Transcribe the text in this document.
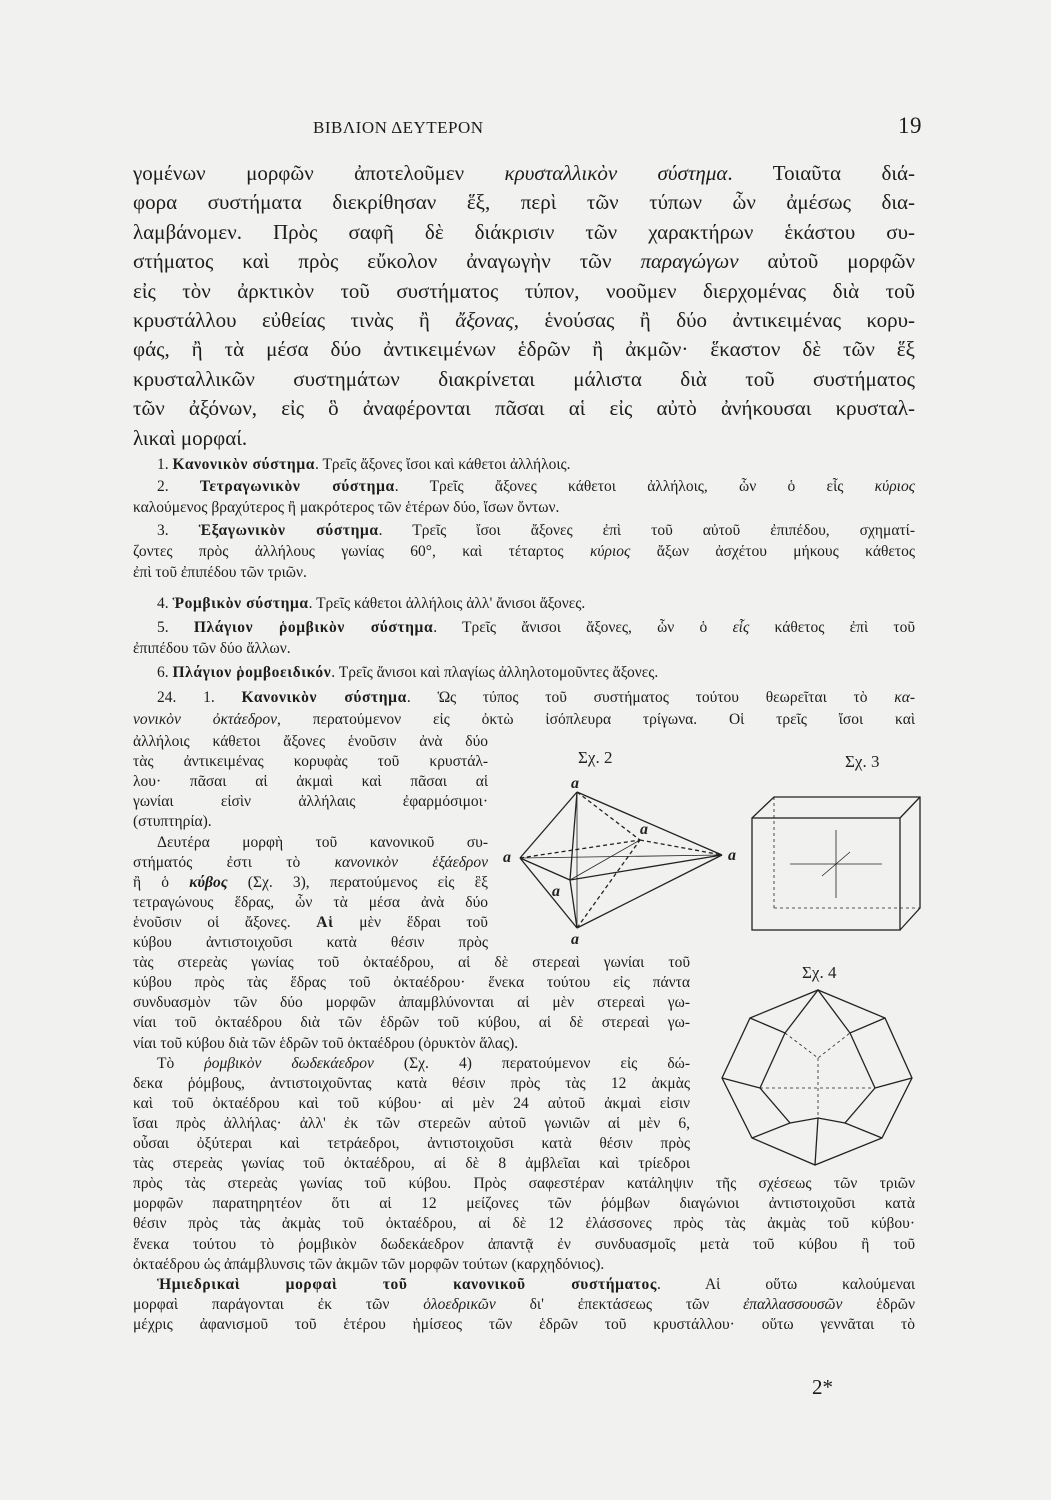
ΒΙΒΛΙΟΝ ΔΕΥΤΕΡΟΝ	19
γομένων μορφῶν ἀποτελοῦμεν κρυσταλλικὸν σύστημα. Τοιαῦτα διά-
φορα συστήματα διεκρίθησαν ἕξ, περὶ τῶν τύπων ὧν ἀμέσως δια-
λαμβάνομεν. Πρὸς σαφῆ δὲ διάκρισιν τῶν χαρακτήρων ἑκάστου συ-
στήματος καὶ πρὸς εὔκολον ἀναγωγὴν τῶν παραγώγων αὐτοῦ μορφῶν
εἰς τὸν ἀρκτικὸν τοῦ συστήματος τύπον, νοοῦμεν διερχομένας διὰ τοῦ
κρυστάλλου εὐθείας τινὰς ἢ ἄξονας, ἑνούσας ἢ δύο ἀντικειμένας κορυ-
φάς, ἢ τὰ μέσα δύο ἀντικειμένων ἑδρῶν ἢ ἀκμῶν· ἕκαστον δὲ τῶν ἕξ
κρυσταλλικῶν συστημάτων διακρίνεται μάλιστα διὰ τοῦ συστήματος
τῶν ἀξόνων, εἰς ὃ ἀναφέρονται πᾶσαι αἱ εἰς αὐτὸ ἀνήκουσαι κρυσταλ-
λικαὶ μορφαί.
1. Κανονικὸν σύστημα. Τρεῖς ἄξονες ἴσοι καὶ κάθετοι ἀλλήλοις.
2. Τετραγωνικὸν σύστημα. Τρεῖς ἄξονες κάθετοι ἀλλήλοις, ὧν ὁ εἷς κύριος
καλούμενος βραχύτερος ἢ μακρότερος τῶν ἑτέρων δύο, ἴσων ὄντων.
3. Ἑξαγωνικὸν σύστημα. Τρεῖς ἴσοι ἄξονες ἐπὶ τοῦ αὐτοῦ ἐπιπέδου, σχηματί-
ζοντες πρὸς ἀλλήλους γωνίας 60°, καὶ τέταρτος κύριος ἄξων ἀσχέτου μήκους κάθετος
ἐπὶ τοῦ ἐπιπέδου τῶν τριῶν.
4. Ῥομβικὸν σύστημα. Τρεῖς κάθετοι ἀλλήλοις ἀλλ' ἄνισοι ἄξονες.
5. Πλάγιον ῥομβικὸν σύστημα. Τρεῖς ἄνισοι ἄξονες, ὧν ὁ εἷς κάθετος ἐπὶ τοῦ
ἐπιπέδου τῶν δύο ἄλλων.
6. Πλάγιον ῥομβοειδικόν. Τρεῖς ἄνισοι καὶ πλαγίως ἀλληλοτομοῦντες ἄξονες.
24. 1. Κανονικὸν σύστημα. Ὡς τύπος τοῦ συστήματος τούτου θεωρεῖται τὸ κα-
νονικὸν ὀκτάεδρον, περατούμενον εἰς ὀκτὼ ἰσόπλευρα τρίγωνα. Οἱ τρεῖς ἴσοι καὶ
ἀλλήλοις κάθετοι ἄξονες ἑνοῦσιν ἀνὰ δύο
τὰς ἀντικειμένας κορυφὰς τοῦ κρυστάλ-
λου· πᾶσαι αἱ ἀκμαὶ καὶ πᾶσαι αἱ
γωνίαι εἰσὶν ἀλλήλαις ἐφαρμόσιμοι·
(στυπτηρία).
Δευτέρα μορφὴ τοῦ κανονικοῦ συ-
στήματός ἐστι τὸ κανονικὸν ἑξάεδρον
ἢ ὁ κύβος (Σχ. 3), περατούμενος εἰς ἓξ
τετραγώνους ἕδρας, ὧν τὰ μέσα ἀνὰ δύο
ἑνοῦσιν οἱ ἄξονες. Αἱ μὲν ἕδραι τοῦ
κύβου ἀντιστοιχοῦσι κατὰ θέσιν πρὸς
τὰς στερεὰς γωνίας τοῦ ὀκταέδρου, αἱ δὲ στερεαὶ γωνίαι τοῦ
κύβου πρὸς τὰς ἕδρας τοῦ ὀκταέδρου· ἕνεκα τούτου εἰς πάντα
συνδυασμὸν τῶν δύο μορφῶν ἀπαμβλύνονται αἱ μὲν στερεαὶ γω-
νίαι τοῦ ὀκταέδρου διὰ τῶν ἑδρῶν τοῦ κύβου, αἱ δὲ στερεαὶ γω-
νίαι τοῦ κύβου διὰ τῶν ἑδρῶν τοῦ ὀκταέδρου (ὀρυκτὸν ἅλας).
Τὸ ῥομβικὸν δωδεκάεδρον (Σχ. 4) περατούμενον εἰς δώ-
δεκα ῥόμβους, ἀντιστοιχοῦντας κατὰ θέσιν πρὸς τὰς 12 ἀκμὰς
καὶ τοῦ ὀκταέδρου καὶ τοῦ κύβου· αἱ μὲν 24 αὐτοῦ ἀκμαὶ εἰσιν
ἴσαι πρὸς ἀλλήλας· ἀλλ' ἐκ τῶν στερεῶν αὐτοῦ γωνιῶν αἱ μὲν 6,
οὖσαι ὀξύτεραι καὶ τετράεδροι, ἀντιστοιχοῦσι κατὰ θέσιν πρὸς
τὰς στερεὰς γωνίας τοῦ ὀκταέδρου, αἱ δὲ 8 ἀμβλεῖαι καὶ τρίεδροι
πρὸς τὰς στερεὰς γωνίας τοῦ κύβου. Πρὸς σαφεστέραν κατάληψιν τῆς σχέσεως τῶν τριῶν
μορφῶν παρατηρητέον ὅτι αἱ 12 μείζονες τῶν ῥόμβων διαγώνιοι ἀντιστοιχοῦσι κατὰ
θέσιν πρὸς τὰς ἀκμὰς τοῦ ὀκταέδρου, αἱ δὲ 12 ἐλάσσονες πρὸς τὰς ἀκμὰς τοῦ κύβου·
ἕνεκα τούτου τὸ ῥομβικὸν δωδεκάεδρον ἀπαντᾷ ἐν συνδυασμοῖς μετὰ τοῦ κύβου ἢ τοῦ
ὀκταέδρου ὡς ἀπάμβλυνσις τῶν ἀκμῶν τῶν μορφῶν τούτων (καρχηδόνιος).
Ἡμιεδρικαὶ μορφαὶ τοῦ κανονικοῦ συστήματος. Αἱ οὕτω καλούμεναι
μορφαὶ παράγονται ἐκ τῶν ὁλοεδρικῶν δι' ἐπεκτάσεως τῶν ἐπαλλασσουσῶν ἑδρῶν
μέχρις ἀφανισμοῦ τοῦ ἑτέρου ἡμίσεος τῶν ἑδρῶν τοῦ κρυστάλλου· οὕτω γεννᾶται τὸ
Σχ. 2
a
a
a	a
a
a
Σχ. 3
Σχ. 4
2*
